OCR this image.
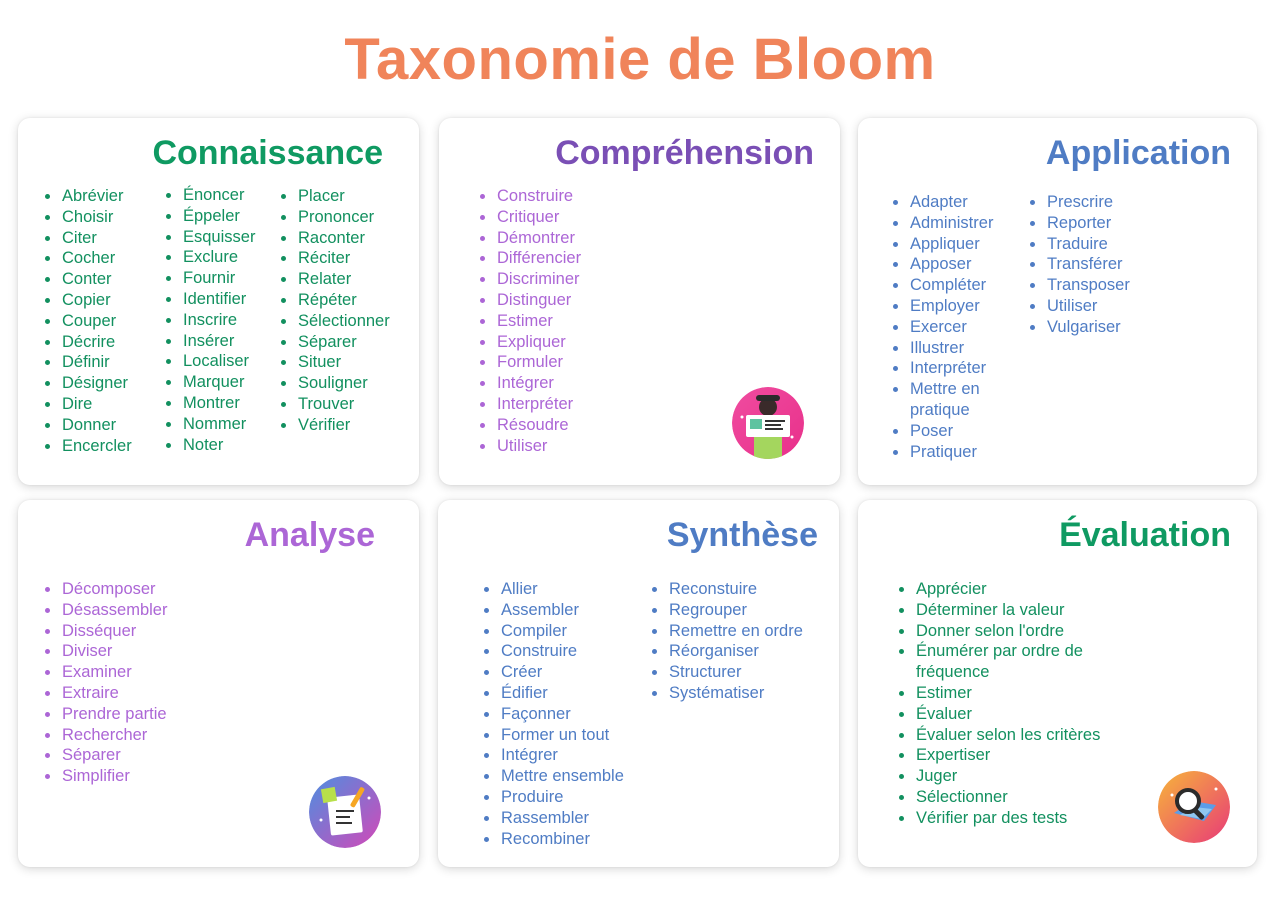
Taxonomie de Bloom
Connaissance
Abrévier
Choisir
Citer
Cocher
Conter
Copier
Couper
Décrire
Définir
Désigner
Dire
Donner
Encercler
Énoncer
Éppeler
Esquisser
Exclure
Fournir
Identifier
Inscrire
Insérer
Localiser
Marquer
Montrer
Nommer
Noter
Placer
Prononcer
Raconter
Réciter
Relater
Répéter
Sélectionner
Séparer
Situer
Souligner
Trouver
Vérifier
Compréhension
Construire
Critiquer
Démontrer
Différencier
Discriminer
Distinguer
Estimer
Expliquer
Formuler
Intégrer
Interpréter
Résoudre
Utiliser
Application
Adapter
Administrer
Appliquer
Apposer
Compléter
Employer
Exercer
Illustrer
Interpréter
Mettre en pratique
Poser
Pratiquer
Prescrire
Reporter
Traduire
Transférer
Transposer
Utiliser
Vulgariser
Analyse
Décomposer
Désassembler
Disséquer
Diviser
Examiner
Extraire
Prendre partie
Rechercher
Séparer
Simplifier
Synthèse
Allier
Assembler
Compiler
Construire
Créer
Édifier
Façonner
Former un tout
Intégrer
Mettre ensemble
Produire
Rassembler
Recombiner
Reconstuire
Regrouper
Remettre en ordre
Réorganiser
Structurer
Systématiser
Évaluation
Apprécier
Déterminer la valeur
Donner selon l'ordre
Énumérer par ordre de fréquence
Estimer
Évaluer
Évaluer selon les critères
Expertiser
Juger
Sélectionner
Vérifier par des tests
